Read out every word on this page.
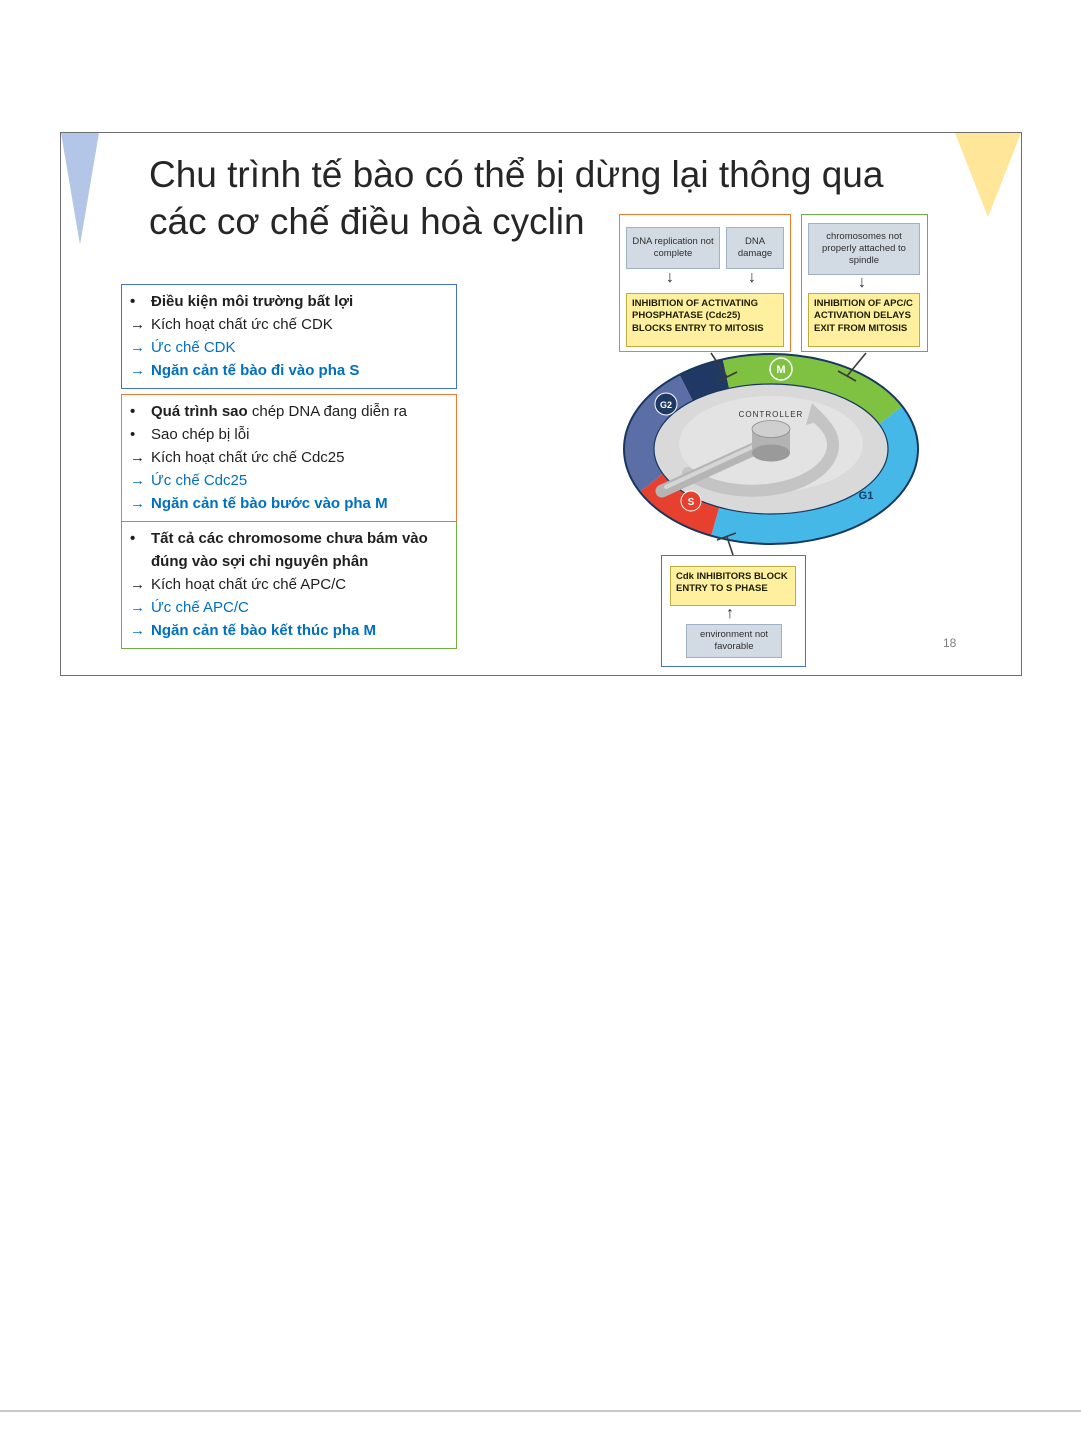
Chu trình tế bào có thể bị dừng lại thông qua
các cơ chế điều hoà cyclin
•	Điều kiện môi trường bất lợi
→ Kích hoạt chất ức chế CDK
→ Ức chế CDK
→ Ngăn cản tế bào đi vào pha S
•	Quá trình sao chép DNA đang diễn ra
•	Sao chép bị lỗi
→ Kích hoạt chất ức chế Cdc25
→ Ức chế Cdc25
→ Ngăn cản tế bào bước vào pha M
•	Tất cả các chromosome chưa bám vào đúng vào sợi chỉ nguyên phân
→ Kích hoạt chất ức chế APC/C
→ Ức chế APC/C
→ Ngăn cản tế bào kết thúc pha M
CONTROLLER
M
G2
S
G1
DNA replication not complete
DNA damage
↓	↓
INHIBITION OF ACTIVATING PHOSPHATASE (Cdc25) BLOCKS ENTRY TO MITOSIS
chromosomes not properly attached to spindle
↓
INHIBITION OF APC/C ACTIVATION DELAYS EXIT FROM MITOSIS
Cdk INHIBITORS BLOCK ENTRY TO S PHASE
↑
environment not favorable	18
